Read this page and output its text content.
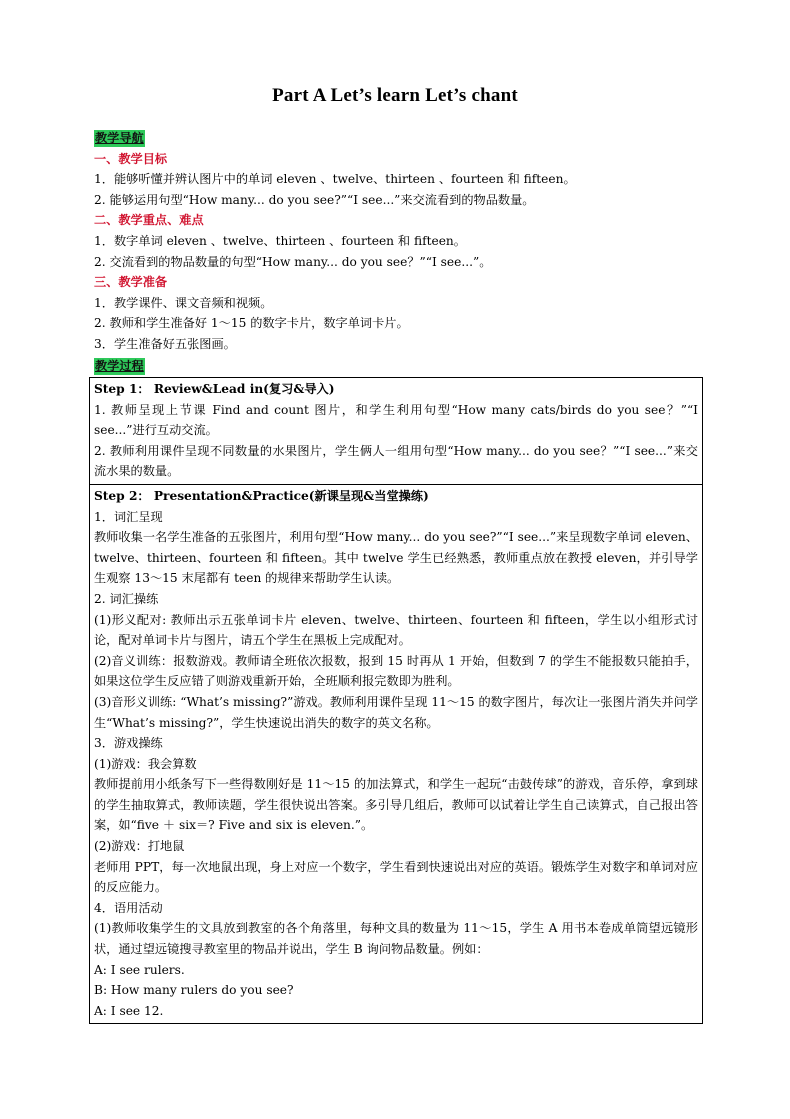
Part A Let’s learn Let’s chant
教学导航
一、教学目标
1．能够听懂并辨认图片中的单词 eleven 、twelve、thirteen 、fourteen 和 fifteen。
2. 能够运用句型“How many... do you see?”“I see...”来交流看到的物品数量。
二、教学重点、难点
1．数字单词 eleven 、twelve、thirteen 、fourteen 和 fifteen。
2. 交流看到的物品数量的句型“How many... do you see？”“I see...”。
三、教学准备
1．教学课件、课文音频和视频。
2. 教师和学生准备好 1～15 的数字卡片，数字单词卡片。
3．学生准备好五张图画。
教学过程
Step 1： Review&Lead in(复习&导入)
1. 教师呈现上节课 Find and count 图片，和学生利用句型“How many cats/birds do you see？”“I see...”进行互动交流。
2. 教师利用课件呈现不同数量的水果图片，学生俩人一组用句型“How many... do you see？”“I see...”来交流水果的数量。

Step 2： Presentation&Practice(新课呈现&当堂操练)
1．词汇呈现
教师收集一名学生准备的五张图片，利用句型“How many... do you see?”“I see...”来呈现数字单词 eleven、twelve、thirteen、fourteen 和 fifteen。其中 twelve 学生已经熟悉，教师重点放在教授 eleven，并引导学生观察 13～15 末尾都有 teen 的规律来帮助学生认读。
2. 词汇操练
(1)形义配对: 教师出示五张单词卡片 eleven、twelve、thirteen、fourteen 和 fifteen，学生以小组形式讨论，配对单词卡片与图片，请五个学生在黑板上完成配对。
(2)音义训练：报数游戏。教师请全班依次报数，报到 15 时再从 1 开始，但数到 7 的学生不能报数只能拍手，如果这位学生反应错了则游戏重新开始，全班顺利报完数即为胜利。
(3)音形义训练: “What’s missing?”游戏。教师利用课件呈现 11～15 的数字图片，每次让一张图片消失并问学生“What’s missing?”，学生快速说出消失的数字的英文名称。
3．游戏操练
(1)游戏：我会算数
教师提前用小纸条写下一些得数刚好是 11～15 的加法算式，和学生一起玩“击鼓传球”的游戏，音乐停，拿到球的学生抽取算式，教师读题，学生很快说出答案。多引导几组后，教师可以试着让学生自己读算式，自己报出答案，如“five ＋ six＝? Five and six is eleven.”。
(2)游戏：打地鼠
老师用 PPT，每一次地鼠出现，身上对应一个数字，学生看到快速说出对应的英语。锻炼学生对数字和单词对应的反应能力。
4．语用活动
(1)教师收集学生的文具放到教室的各个角落里，每种文具的数量为 11～15，学生 A 用书本卷成单筒望远镜形状，通过望远镜搜寻教室里的物品并说出，学生 B 询问物品数量。例如：
A: I see rulers.
B: How many rulers do you see?
A: I see 12.
